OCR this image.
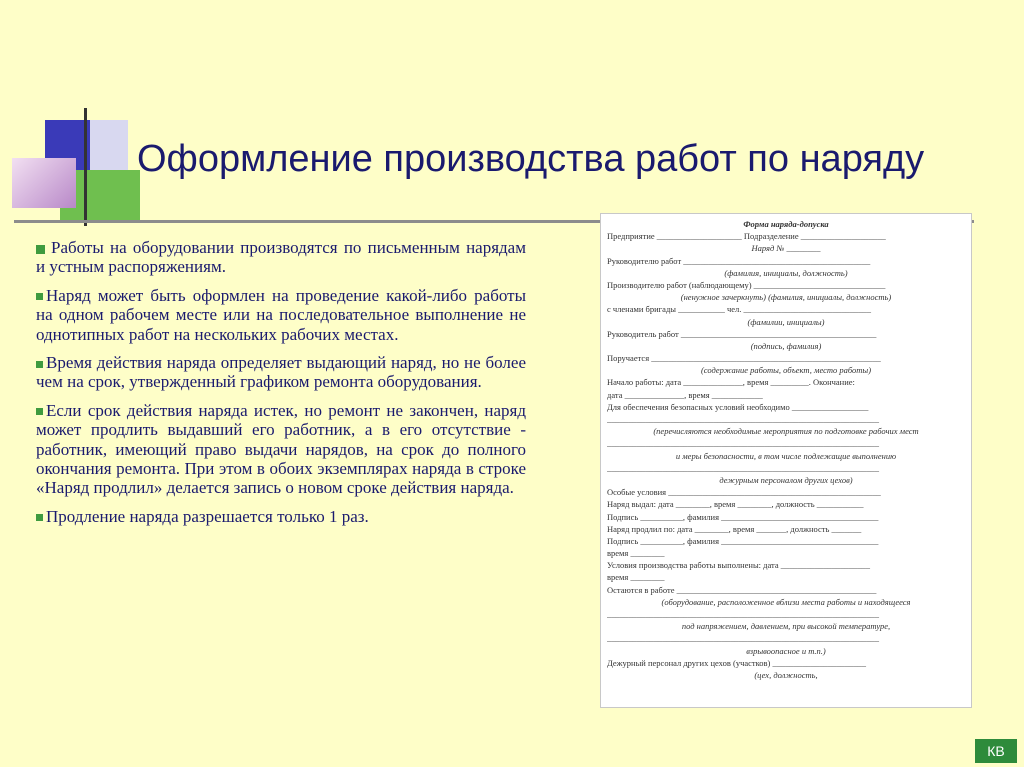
Оформление производства работ по наряду

Работы на оборудовании производятся по письменным нарядам и устным распоряжениям.

Наряд может быть оформлен на проведение какой-либо работы на одном рабочем месте или на последовательное выполнение не однотипных работ на нескольких рабочих местах.

Время действия наряда определяет выдающий наряд, но не более чем на срок, утвержденный графиком ремонта оборудования.

Если срок действия наряда истек, но ремонт не закончен, наряд может продлить выдавший его работник, а в его отсутствие - работник, имеющий право выдачи нарядов, на срок до полного окончания ремонта. При этом в обоих экземплярах наряда в строке «Наряд продлил» делается запись о новом сроке действия наряда.

Продление наряда разрешается только 1 раз.

Форма наряда-допуска
Предприятие ____________________ Подразделение ____________________
Наряд № ________
Руководителю работ ____________________________________________
(фамилия, инициалы, должность)
Производителю работ (наблюдающему) _______________________________
(ненужное зачеркнуть) (фамилия, инициалы, должность)
с членами бригады ___________ чел. ______________________________
(фамилии, инициалы)
Руководитель работ ______________________________________________
(подпись, фамилия)
Поручается ______________________________________________________
(содержание работы, объект, место работы)
Начало работы: дата ______________, время _________. Окончание:
дата ______________, время ____________
Для обеспечения безопасных условий необходимо __________________
________________________________________________________________
(перечисляются необходимые мероприятия по подготовке рабочих мест
________________________________________________________________
и меры безопасности, в том числе подлежащие выполнению
________________________________________________________________
дежурным персоналом других цехов)
Особые условия __________________________________________________
Наряд выдал: дата ________, время ________, должность ___________
Подпись __________, фамилия _____________________________________
Наряд продлил по: дата ________, время _______, должность _______
Подпись __________, фамилия _____________________________________
время ________
Условия производства работы выполнены: дата _____________________
время ________
Остаются в работе _______________________________________________
(оборудование, расположенное вблизи места работы и находящееся
________________________________________________________________
под напряжением, давлением, при высокой температуре,
________________________________________________________________
взрывоопасное и т.п.)
Дежурный персонал других цехов (участков) ______________________
(цех, должность,
КВ
